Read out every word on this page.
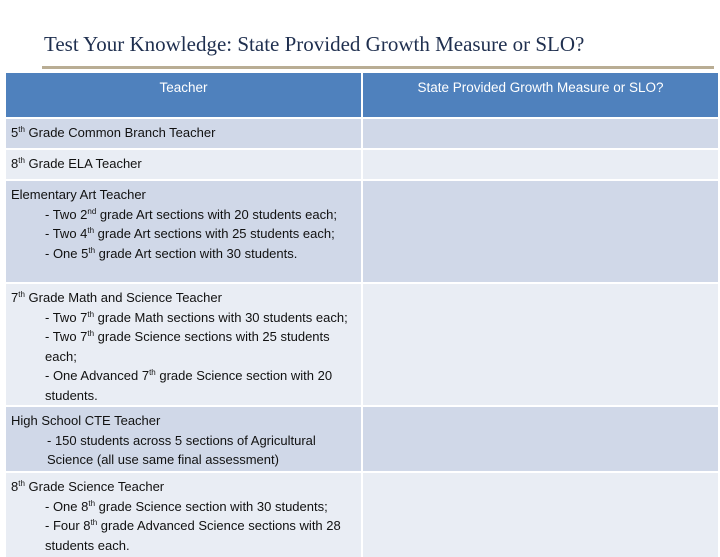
Test Your Knowledge: State Provided Growth Measure or SLO?
Teacher	State Provided Growth Measure or SLO?

5th Grade Common Branch Teacher	

8th Grade ELA Teacher	

Elementary Art Teacher
- Two 2nd grade Art sections with 20 students each;
- Two 4th grade Art sections with 25 students each;
- One 5th grade Art section with 30 students.	

7th Grade Math and Science Teacher
- Two 7th grade Math sections with 30 students each;
- Two 7th grade Science sections with 25 students each;
- One Advanced 7th grade Science section with 20 students.	

High School CTE Teacher
- 150 students across 5 sections of Agricultural Science (all use same final assessment)	

8th Grade Science Teacher
- One 8th grade Science section with 30 students;
- Four 8th grade Advanced Science sections with 28 students each.	
